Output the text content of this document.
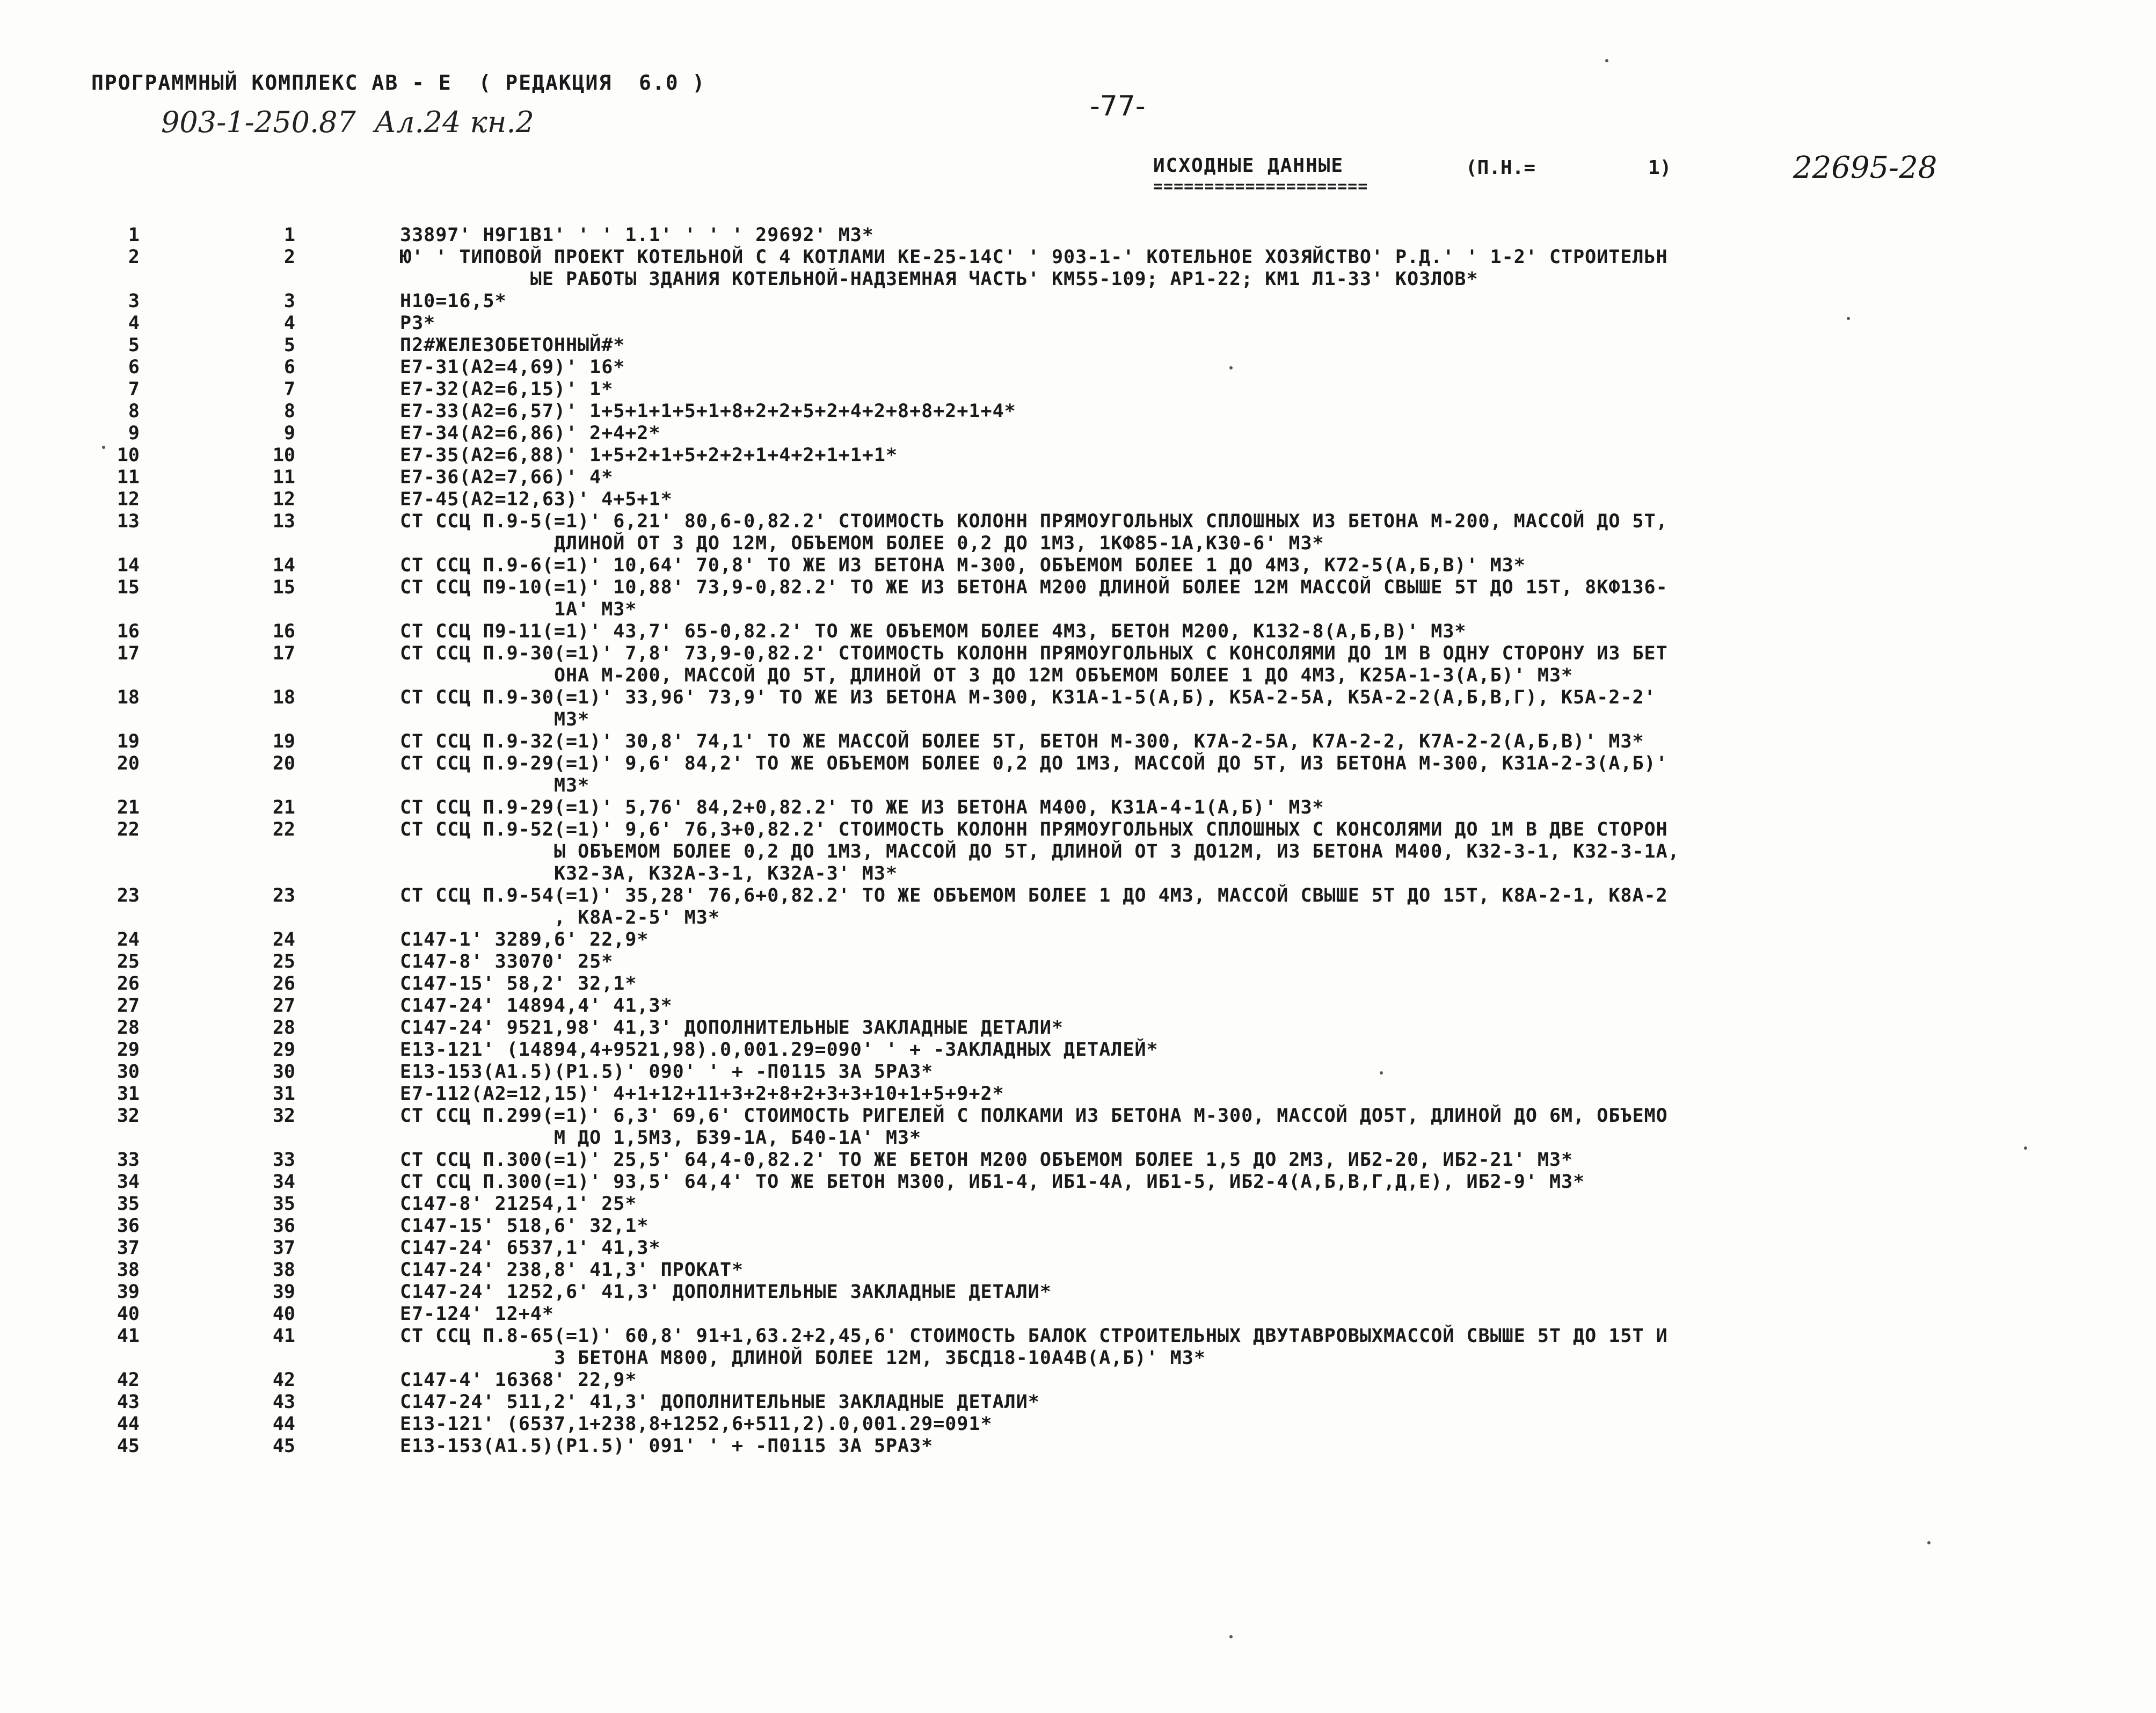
ПРОГРАММНЫЙ КОМПЛЕКС АВ - Е  ( РЕДАКЦИЯ  6.0 )
903-1-250.87  Ал.24 кн.2	-77-
ИСХОДНЫЕ ДАННЫЕ
=====================
(П.Н.=	1)	22695-28
1	1	33897' Н9Г1В1' ' ' 1.1' ' ' ' 29692' М3*
2	2	Ю' ' ТИПОВОЙ ПРОЕКТ КОТЕЛЬНОЙ С 4 КОТЛАМИ КЕ-25-14С' ' 903-1-' КОТЕЛЬНОЕ ХОЗЯЙСТВО' Р.Д.' ' 1-2' СТРОИТЕЛЬН
ЫЕ РАБОТЫ ЗДАНИЯ КОТЕЛЬНОЙ-НАДЗЕМНАЯ ЧАСТЬ' КМ55-109; АР1-22; КМ1 Л1-33' КОЗЛОВ*
3	3	Н10=16,5*
4	4	Р3*
5	5	П2#ЖЕЛЕЗОБЕТОННЫЙ#*
6	6	Е7-31(А2=4,69)' 16*
7	7	Е7-32(А2=6,15)' 1*
8	8	Е7-33(А2=6,57)' 1+5+1+1+5+1+8+2+2+5+2+4+2+8+8+2+1+4*
9	9	Е7-34(А2=6,86)' 2+4+2*
10	10	Е7-35(А2=6,88)' 1+5+2+1+5+2+2+1+4+2+1+1+1*
11	11	Е7-36(А2=7,66)' 4*
12	12	Е7-45(А2=12,63)' 4+5+1*
13	13	СТ ССЦ П.9-5(=1)' 6,21' 80,6-0,82.2' СТОИМОСТЬ КОЛОНН ПРЯМОУГОЛЬНЫХ СПЛОШНЫХ ИЗ БЕТОНА М-200, МАССОЙ ДО 5Т,
ДЛИНОЙ ОТ 3 ДО 12М, ОБЪЕМОМ БОЛЕЕ 0,2 ДО 1М3, 1КФ85-1А,К30-6' М3*
14	14	СТ ССЦ П.9-6(=1)' 10,64' 70,8' ТО ЖЕ ИЗ БЕТОНА М-300, ОБЪЕМОМ БОЛЕЕ 1 ДО 4М3, К72-5(А,Б,В)' М3*
15	15	СТ ССЦ П9-10(=1)' 10,88' 73,9-0,82.2' ТО ЖЕ ИЗ БЕТОНА М200 ДЛИНОЙ БОЛЕЕ 12М МАССОЙ СВЫШЕ 5Т ДО 15Т, 8КФ136-
1А' М3*
16	16	СТ ССЦ П9-11(=1)' 43,7' 65-0,82.2' ТО ЖЕ ОБЪЕМОМ БОЛЕЕ 4М3, БЕТОН М200, К132-8(А,Б,В)' М3*
17	17	СТ ССЦ П.9-30(=1)' 7,8' 73,9-0,82.2' СТОИМОСТЬ КОЛОНН ПРЯМОУГОЛЬНЫХ С КОНСОЛЯМИ ДО 1М В ОДНУ СТОРОНУ ИЗ БЕТ
ОНА М-200, МАССОЙ ДО 5Т, ДЛИНОЙ ОТ 3 ДО 12М ОБЪЕМОМ БОЛЕЕ 1 ДО 4М3, К25А-1-3(А,Б)' М3*
18	18	СТ ССЦ П.9-30(=1)' 33,96' 73,9' ТО ЖЕ ИЗ БЕТОНА М-300, К31А-1-5(А,Б), К5А-2-5А, К5А-2-2(А,Б,В,Г), К5А-2-2'
М3*
19	19	СТ ССЦ П.9-32(=1)' 30,8' 74,1' ТО ЖЕ МАССОЙ БОЛЕЕ 5Т, БЕТОН М-300, К7А-2-5А, К7А-2-2, К7А-2-2(А,Б,В)' М3*
20	20	СТ ССЦ П.9-29(=1)' 9,6' 84,2' ТО ЖЕ ОБЪЕМОМ БОЛЕЕ 0,2 ДО 1М3, МАССОЙ ДО 5Т, ИЗ БЕТОНА М-300, К31А-2-3(А,Б)'
М3*
21	21	СТ ССЦ П.9-29(=1)' 5,76' 84,2+0,82.2' ТО ЖЕ ИЗ БЕТОНА М400, К31А-4-1(А,Б)' М3*
22	22	СТ ССЦ П.9-52(=1)' 9,6' 76,3+0,82.2' СТОИМОСТЬ КОЛОНН ПРЯМОУГОЛЬНЫХ СПЛОШНЫХ С КОНСОЛЯМИ ДО 1М В ДВЕ СТОРОН
Ы ОБЪЕМОМ БОЛЕЕ 0,2 ДО 1М3, МАССОЙ ДО 5Т, ДЛИНОЙ ОТ 3 ДО12М, ИЗ БЕТОНА М400, К32-3-1, К32-3-1А,
К32-3А, К32А-3-1, К32А-3' М3*
23	23	СТ ССЦ П.9-54(=1)' 35,28' 76,6+0,82.2' ТО ЖЕ ОБЪЕМОМ БОЛЕЕ 1 ДО 4М3, МАССОЙ СВЫШЕ 5Т ДО 15Т, К8А-2-1, К8А-2
, К8А-2-5' М3*
24	24	С147-1' 3289,6' 22,9*
25	25	С147-8' 33070' 25*
26	26	С147-15' 58,2' 32,1*
27	27	С147-24' 14894,4' 41,3*
28	28	С147-24' 9521,98' 41,3' ДОПОЛНИТЕЛЬНЫЕ ЗАКЛАДНЫЕ ДЕТАЛИ*
29	29	Е13-121' (14894,4+9521,98).0,001.29=090' ' + -ЗАКЛАДНЫХ ДЕТАЛЕЙ*
30	30	Е13-153(А1.5)(Р1.5)' 090' ' + -П0115 ЗА 5РАЗ*
31	31	Е7-112(А2=12,15)' 4+1+12+11+3+2+8+2+3+3+10+1+5+9+2*
32	32	СТ ССЦ П.299(=1)' 6,3' 69,6' СТОИМОСТЬ РИГЕЛЕЙ С ПОЛКАМИ ИЗ БЕТОНА М-300, МАССОЙ ДО5Т, ДЛИНОЙ ДО 6М, ОБЪЕМО
М ДО 1,5М3, Б39-1А, Б40-1А' М3*
33	33	СТ ССЦ П.300(=1)' 25,5' 64,4-0,82.2' ТО ЖЕ БЕТОН М200 ОБЪЕМОМ БОЛЕЕ 1,5 ДО 2М3, ИБ2-20, ИБ2-21' М3*
34	34	СТ ССЦ П.300(=1)' 93,5' 64,4' ТО ЖЕ БЕТОН М300, ИБ1-4, ИБ1-4А, ИБ1-5, ИБ2-4(А,Б,В,Г,Д,Е), ИБ2-9' М3*
35	35	С147-8' 21254,1' 25*
36	36	С147-15' 518,6' 32,1*
37	37	С147-24' 6537,1' 41,3*
38	38	С147-24' 238,8' 41,3' ПРОКАТ*
39	39	С147-24' 1252,6' 41,3' ДОПОЛНИТЕЛЬНЫЕ ЗАКЛАДНЫЕ ДЕТАЛИ*
40	40	Е7-124' 12+4*
41	41	СТ ССЦ П.8-65(=1)' 60,8' 91+1,63.2+2,45,6' СТОИМОСТЬ БАЛОК СТРОИТЕЛЬНЫХ ДВУТАВРОВЫХМАССОЙ СВЫШЕ 5Т ДО 15Т И
3 БЕТОНА М800, ДЛИНОЙ БОЛЕЕ 12М, 3БСД18-10А4В(А,Б)' М3*
42	42	С147-4' 16368' 22,9*
43	43	С147-24' 511,2' 41,3' ДОПОЛНИТЕЛЬНЫЕ ЗАКЛАДНЫЕ ДЕТАЛИ*
44	44	Е13-121' (6537,1+238,8+1252,6+511,2).0,001.29=091*
45	45	Е13-153(А1.5)(Р1.5)' 091' ' + -П0115 ЗА 5РАЗ*
